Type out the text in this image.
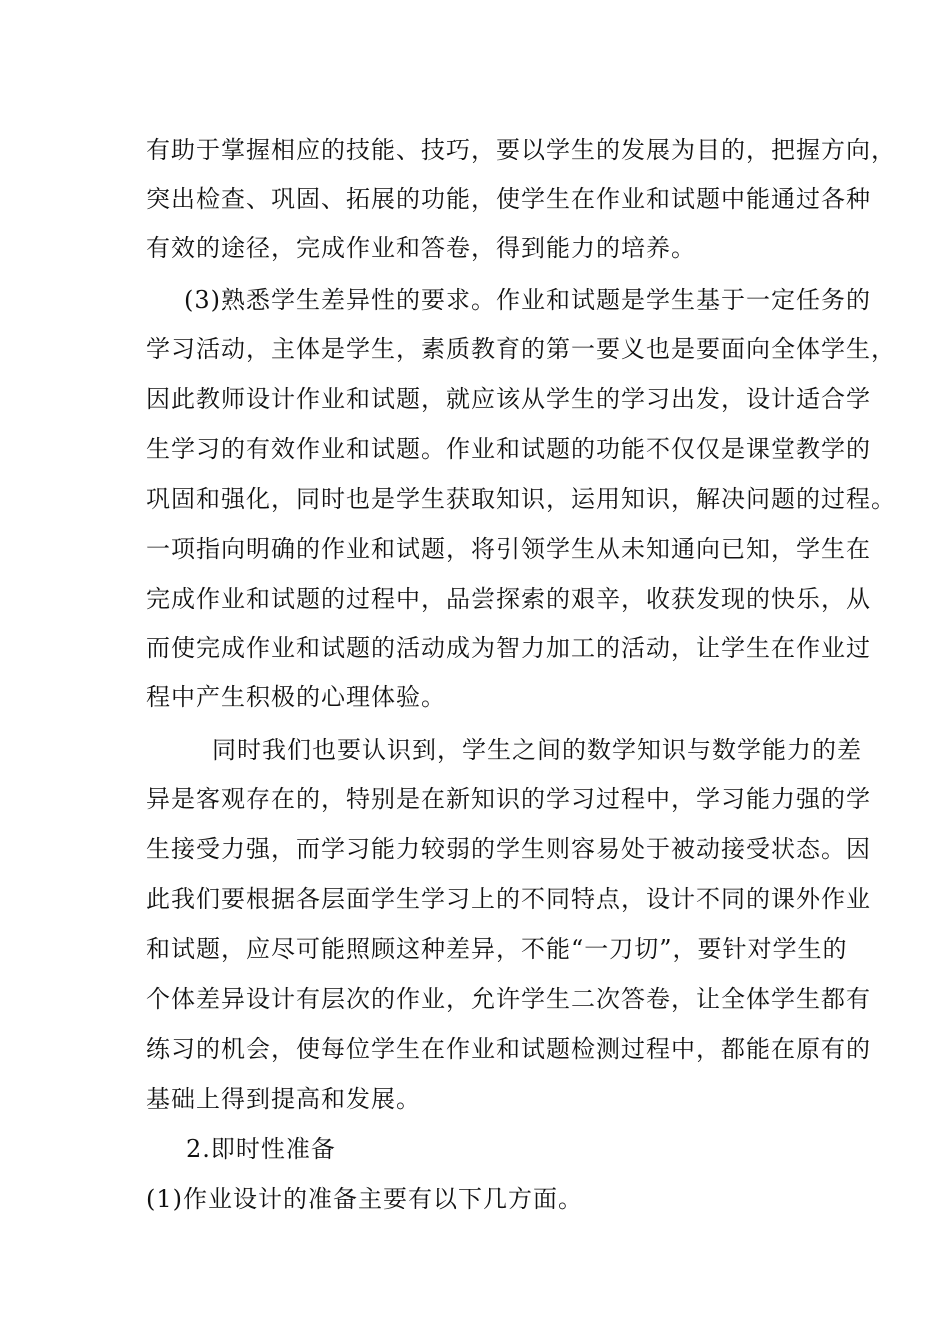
有助于掌握相应的技能、技巧，要以学生的发展为目的，把握方向，
突出检查、巩固、拓展的功能，使学生在作业和试题中能通过各种
有效的途径，完成作业和答卷，得到能力的培养。
(3)熟悉学生差异性的要求。作业和试题是学生基于一定任务的
学习活动，主体是学生，素质教育的第一要义也是要面向全体学生，
因此教师设计作业和试题，就应该从学生的学习出发，设计适合学
生学习的有效作业和试题。作业和试题的功能不仅仅是课堂教学的
巩固和强化，同时也是学生获取知识，运用知识，解决问题的过程。
一项指向明确的作业和试题，将引领学生从未知通向已知，学生在
完成作业和试题的过程中，品尝探索的艰辛，收获发现的快乐，从
而使完成作业和试题的活动成为智力加工的活动，让学生在作业过
程中产生积极的心理体验。
同时我们也要认识到，学生之间的数学知识与数学能力的差
异是客观存在的，特别是在新知识的学习过程中，学习能力强的学
生接受力强，而学习能力较弱的学生则容易处于被动接受状态。因
此我们要根据各层面学生学习上的不同特点，设计不同的课外作业
和试题，应尽可能照顾这种差异，不能“一刀切”，要针对学生的
个体差异设计有层次的作业，允许学生二次答卷，让全体学生都有
练习的机会，使每位学生在作业和试题检测过程中，都能在原有的
基础上得到提高和发展。
2.即时性准备
(1)作业设计的准备主要有以下几方面。
